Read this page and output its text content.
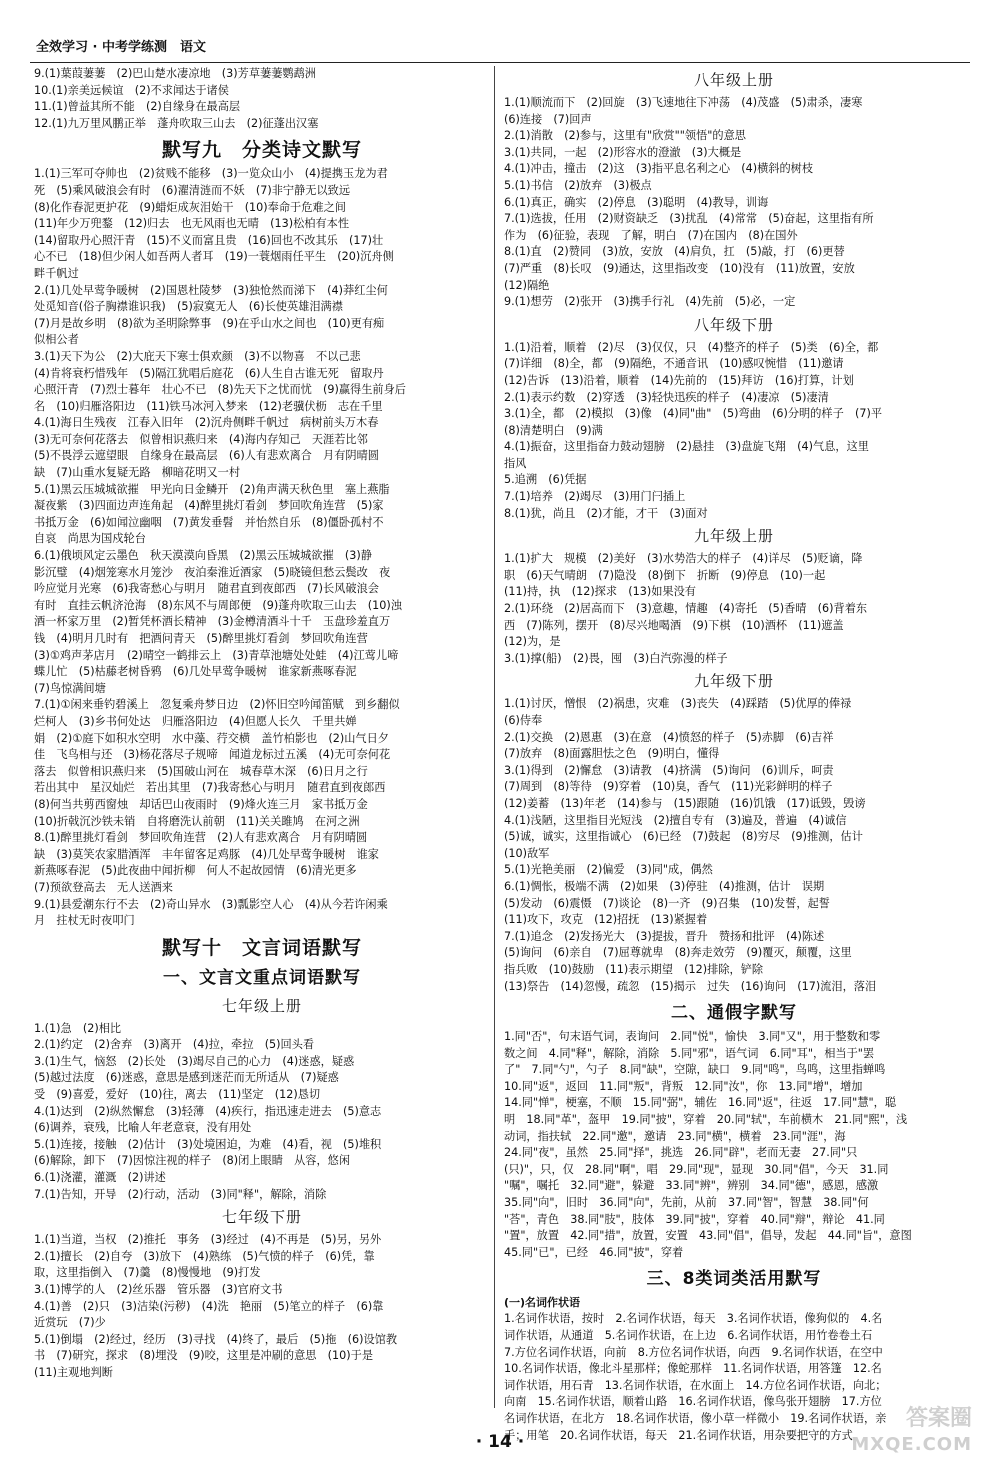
全效学习 · 中考学练测　语文
9.(1)葉葭萋萋　(2)巴山楚水凄凉地　(3)芳草萋萋鹦鹉洲
10.(1)亲美远候谊　(2)不求闻达于诸侯
11.(1)曾益其所不能　(2)自缘身在最高层
12.(1)九万里风鹏正举　蓬舟吹取三山去　(2)征蓬出汉塞
默写九　分类诗文默写
1.(1)三军可夺帅也　(2)贫贱不能移　(3)一览众山小　(4)提携玉龙为君
死　(5)乘风破浪会有时　(6)濯清涟而不妖　(7)非宁静无以致远
(8)化作春泥更护花　(9)蜡炬成灰泪始干　(10)奉命于危难之间
(11)年少万兜鍪　(12)归去　也无风雨也无晴　(13)松柏有本性
(14)留取丹心照汗青　(15)不义而富且贵　(16)回也不改其乐　(17)壮
心不已　(18)但少闲人如吾两人者耳　(19)一蓑烟雨任平生　(20)沉舟侧
畔千帆过
2.(1)几处早莺争暖树　(2)国恩杜陵梦　(3)独怆然而涕下　(4)莽红尘何
处觅知音(俗子胸襟谁识我)　(5)寂寞无人　(6)长使英雄泪满襟
(7)月是故乡明　(8)欲为圣明除弊事　(9)在乎山水之间也　(10)更有痴
似相公者
3.(1)天下为公　(2)大庇天下寒士俱欢颜　(3)不以物喜　不以己悲
(4)肯将衰朽惜残年　(5)隔江犹唱后庭花　(6)人生自古谁无死　留取丹
心照汗青　(7)烈士暮年　壮心不已　(8)先天下之忧而忧　(9)赢得生前身后
名　(10)归雁洛阳边　(11)铁马冰河入梦来　(12)老骥伏枥　志在千里
4.(1)海日生残夜　江春入旧年　(2)沉舟侧畔千帆过　病树前头万木春
(3)无可奈何花落去　似曾相识燕归来　(4)海内存知己　天涯若比邻
(5)不畏浮云遮望眼　自缘身在最高层　(6)人有悲欢离合　月有阴晴圆
缺　(7)山重水复疑无路　柳暗花明又一村
5.(1)黑云压城城欲摧　甲光向日金鳞开　(2)角声满天秋色里　塞上燕脂
凝夜紫　(3)四面边声连角起　(4)醉里挑灯看剑　梦回吹角连营　(5)家
书抵万金　(6)如闻泣幽咽　(7)黄发垂髫　并怡然自乐　(8)僵卧孤村不
自哀　尚思为国戍轮台
6.(1)俄顷风定云墨色　秋天漠漠向昏黑　(2)黑云压城城欲摧　(3)静
影沉璧　(4)烟笼寒水月笼沙　夜泊秦淮近酒家　(5)晓镜但愁云鬓改　夜
吟应觉月光寒　(6)我寄愁心与明月　随君直到夜郎西　(7)长风破浪会
有时　直挂云帆济沧海　(8)东风不与周郎便　(9)蓬舟吹取三山去　(10)浊
酒一杯家万里　(2)暂凭杯酒长精神　(3)金樽清酒斗十千　玉盘珍羞直万
钱　(4)明月几时有　把酒问青天　(5)醉里挑灯看剑　梦回吹角连营
(3)①鸡声茅店月　(2)晴空一鹤排云上　(3)青草池塘处处蛙　(4)江莺儿啼
蝶儿忙　(5)枯藤老树昏鸦　(6)几处早莺争暖树　谁家新燕啄春泥
(7)鸟惊满间塘
7.(1)①闲来垂钓碧溪上　忽复乘舟梦日边　(2)怀旧空吟闻笛赋　到乡翻似
烂柯人　(3)乡书何处达　归雁洛阳边　(4)但愿人长久　千里共婵
娟　(2)①庭下如积水空明　水中藻、荇交横　盖竹柏影也　(2)山气日夕
佳　飞鸟相与还　(3)杨花落尽子规啼　闻道龙标过五溪　(4)无可奈何花
落去　似曾相识燕归来　(5)国破山河在　城春草木深　(6)日月之行　
若出其中　星汉灿烂　若出其里　(7)我寄愁心与明月　随君直到夜郎西
(8)何当共剪西窗烛　却话巴山夜雨时　(9)烽火连三月　家书抵万金
(10)折戟沉沙铁未销　自将磨洗认前朝　(11)关关雎鸠　在河之洲
8.(1)醉里挑灯看剑　梦回吹角连营　(2)人有悲欢离合　月有阴晴圆
缺　(3)莫笑农家腊酒浑　丰年留客足鸡豚　(4)几处早莺争暖树　谁家
新燕啄春泥　(5)此夜曲中闻折柳　何人不起故园情　(6)清光更多
(7)预欲登高去　无人送酒来
9.(1)县爱潮东行不去　(2)奇山异水　(3)瓢影空人心　(4)从今若许闲乘
月　拄杖无时夜叩门
默写十　文言词语默写
一、文言文重点词语默写
七年级上册
1.(1)急　(2)相比
2.(1)约定　(2)舍弃　(3)离开　(4)拉，牵拉　(5)回头看
3.(1)生气，恼怒　(2)长处　(3)竭尽自己的心力　(4)迷惑，疑惑
(5)越过法度　(6)迷惑，意思是感到迷茫而无所适从　(7)疑惑
受　(9)喜爱，爱好　(10)往，离去　(11)坚定　(12)恳切
4.(1)达到　(2)纵然懈怠　(3)轻薄　(4)疾行，指迅速走进去　(5)意志
(6)调养，衰残，比喻人年老意衰，没有用处
5.(1)连接，接触　(2)估计　(3)处境困迫，为难　(4)看，视　(5)堆积
(6)解除，卸下　(7)因惊注视的样子　(8)闭上眼睛　从容，悠闲
6.(1)浇灌，灌溉　(2)讲述
7.(1)告知，开导　(2)行动，活动　(3)同"释"，解除，消除
七年级下册
1.(1)当道，当权　(2)推托　事务　(3)经过　(4)不再是　(5)另，另外
2.(1)擅长　(2)自夸　(3)放下　(4)熟练　(5)气愤的样子　(6)凭，靠
取，这里指倒入　(7)羹　(8)慢慢地　(9)打发
3.(1)博学的人　(2)丝乐器　管乐器　(3)官府文书
4.(1)善　(2)只　(3)洁染(污秽)　(4)洗　艳丽　(5)笔立的样子　(6)靠
近赏玩　(7)少
5.(1)倒塌　(2)经过，经历　(3)寻找　(4)终了，最后　(5)拖　(6)设馆教
书　(7)研究，探求　(8)埋没　(9)咬，这里是冲刷的意思　(10)于是
(11)主观地判断
八年级上册
1.(1)顺流而下　(2)回旋　(3)飞速地往下冲荡　(4)茂盛　(5)肃杀，凄寒
(6)连接　(7)回声
2.(1)消散　(2)参与，这里有"欣赏""领悟"的意思
3.(1)共同，一起　(2)形容水的澄澈　(3)大概是
4.(1)冲击，撞击　(2)这　(3)指平息名利之心　(4)横斜的树枝
5.(1)书信　(2)放弃　(3)极点
6.(1)真正，确实　(2)停息　(3)聪明　(4)教导，训诲
7.(1)选拔，任用　(2)财资缺乏　(3)扰乱　(4)常常　(5)奋起，这里指有所
作为　(6)征验，表现　了解，明白　(7)在国内　(8)在国外
8.(1)直　(2)赞同　(3)放，安放　(4)肩负，扛　(5)敲，打　(6)更替
(7)严重　(8)长叹　(9)通达，这里指改变　(10)没有　(11)放置，安放
(12)隔绝
9.(1)想劳　(2)张开　(3)携手行礼　(4)先前　(5)必，一定
八年级下册
1.(1)沿着，顺着　(2)尽　(3)仅仅，只　(4)整齐的样子　(5)类　(6)全，都
(7)详细　(8)全，都　(9)隔绝，不通音讯　(10)感叹惋惜　(11)邀请
(12)告诉　(13)沿着，顺着　(14)先前的　(15)拜访　(16)打算，计划
2.(1)表示约数　(2)穿透　(3)轻快迅疾的样子　(4)凄凉　(5)凄清
3.(1)全，都　(2)模拟　(3)像　(4)同"曲"　(5)弯曲　(6)分明的样子　(7)平
(8)清楚明白　(9)满
4.(1)振奋，这里指奋力鼓动翅膀　(2)悬挂　(3)盘旋飞翔　(4)气息，这里
指风
5.追溯　(6)凭据
7.(1)培养　(2)竭尽　(3)用门闩插上
8.(1)犹，尚且　(2)才能，才干　(3)面对
九年级上册
1.(1)扩大　规模　(2)美好　(3)水势浩大的样子　(4)详尽　(5)贬谪，降
职　(6)天气晴朗　(7)隐没　(8)倒下　折断　(9)停息　(10)一起
(11)持，执　(12)探求　(13)如果没有
2.(1)环绕　(2)居高而下　(3)意趣，情趣　(4)寄托　(5)香晴　(6)背着东
西　(7)陈列，摆开　(8)尽兴地喝酒　(9)下棋　(10)酒杯　(11)遮盖
(12)为，是
3.(1)撑(船)　(2)畏，囤　(3)白汽弥漫的样子
九年级下册
1.(1)讨厌，憎恨　(2)祸患，灾难　(3)丧失　(4)踩踏　(5)优厚的俸禄
(6)侍奉
2.(1)交换　(2)恩惠　(3)在意　(4)愤怒的样子　(5)赤脚　(6)吉祥
(7)放弃　(8)面露胆怯之色　(9)明白，懂得
3.(1)得到　(2)懈怠　(3)请教　(4)挤满　(5)询问　(6)训斥，呵责
(7)周到　(8)等待　(9)穿着　(10)臭，香气　(11)光彩鲜明的样子
(12)姜蓄　(13)年老　(14)参与　(15)跟随　(16)饥饿　(17)诋毁，毁谤
4.(1)浅陋，这里指目光短浅　(2)擅自专有　(3)遍及，普遍　(4)诚信
(5)诚，诚实，这里指诚心　(6)已经　(7)鼓起　(8)穷尽　(9)推测，估计
(10)敌军
5.(1)光艳美丽　(2)偏爱　(3)同"成，偶然
6.(1)惆怅，极端不满　(2)如果　(3)停驻　(4)推测，估计　误期
(5)发动　(6)震慑　(7)谈论　(8)一齐　(9)召集　(10)发誓，起誓
(11)攻下，攻克　(12)招抚　(13)紧握着
7.(1)追念　(2)发扬光大　(3)提拔，晋升　赞扬和批评　(4)陈述
(5)询问　(6)亲自　(7)屈尊就卑　(8)奔走效劳　(9)覆灭，颠覆，这里
指兵败　(10)鼓励　(11)表示期望　(12)排除，铲除
(13)祭告　(14)忽慢，疏忽　(15)揭示　过失　(16)询问　(17)流泪，落泪
二、通假字默写
1.同"否"，句末语气词，表询问　2.同"悦"，愉快　3.同"又"，用于整数和零
数之间　4.同"释"，解除，消除　5.同"邪"，语气词　6.同"耳"，相当于"罢
了"　7.同"勺"，勺子　8.同"缺"，空隙，缺口　9.同"鸣"，鸟鸣，这里指蝉鸣
10.同"返"，返回　11.同"叛"，背叛　12.同"汝"，你　13.同"增"，增加
14.同"惮"，梗塞，不顺　15.同"弼"，辅佐　16.同"返"，往返　17.同"慧"，聪
明　18.同"革"，盔甲　19.同"披"，穿着　20.同"轼"，车前横木　21.同"熙"，浅
动词，指扶轼　22.同"邀"，邀请　23.同"横"，横着　23.同"涯"，海
24.同"夜"，虽然　25.同"择"，挑选　26.同"辟"，老而无妻　27.同"只
(只)"，只，仅　28.同"啊"，唱　29.同"现"，显现　30.同"倡"，今天　31.同
"嘱"，嘱托　32.同"避"，躲避　33.同"辨"，辨别　34.同"德"，感恩，感激
35.同"向"，旧时　36.同"向"，先前，从前　37.同"智"，智慧　38.同"何
"荅"，青色　38.同"肢"，肢体　39.同"披"，穿着　40.同"辩"，辩论　41.同
"置"，放置　42.同"措"，放置，安置　43.同"倡"，倡导，发起　44.同"旨"，意图
45.同"已"，已经　46.同"披"，穿着
三、8类词类活用默写
(一)名词作状语
1.名词作状语，按时　2.名词作状语，每天　3.名词作状语，像狗似的　4.名
词作状语，从通道　5.名词作状语，在上边　6.名词作状语，用竹卷卷土石
7.方位名词作状语，向前　8.方位名词作状语，向西　9.名词作状语，在空中
10.名词作状语，像北斗星那样；像蛇那样　11.名词作状语，用答篷　12.名
词作状语，用石青　13.名词作状语，在水面上　14.方位名词作状语，向北；
向南　15.名词作状语，顺着山路　16.名词作状语，像鸟张开翅膀　17.方位
名词作状语，在北方　18.名词作状语，像小草一样微小　19.名词作状语，亲
手；用笔　20.名词作状语，每天　21.名词作状语，用杂要把守的方式
· 14 ·
答案圈
MXQE.COM
